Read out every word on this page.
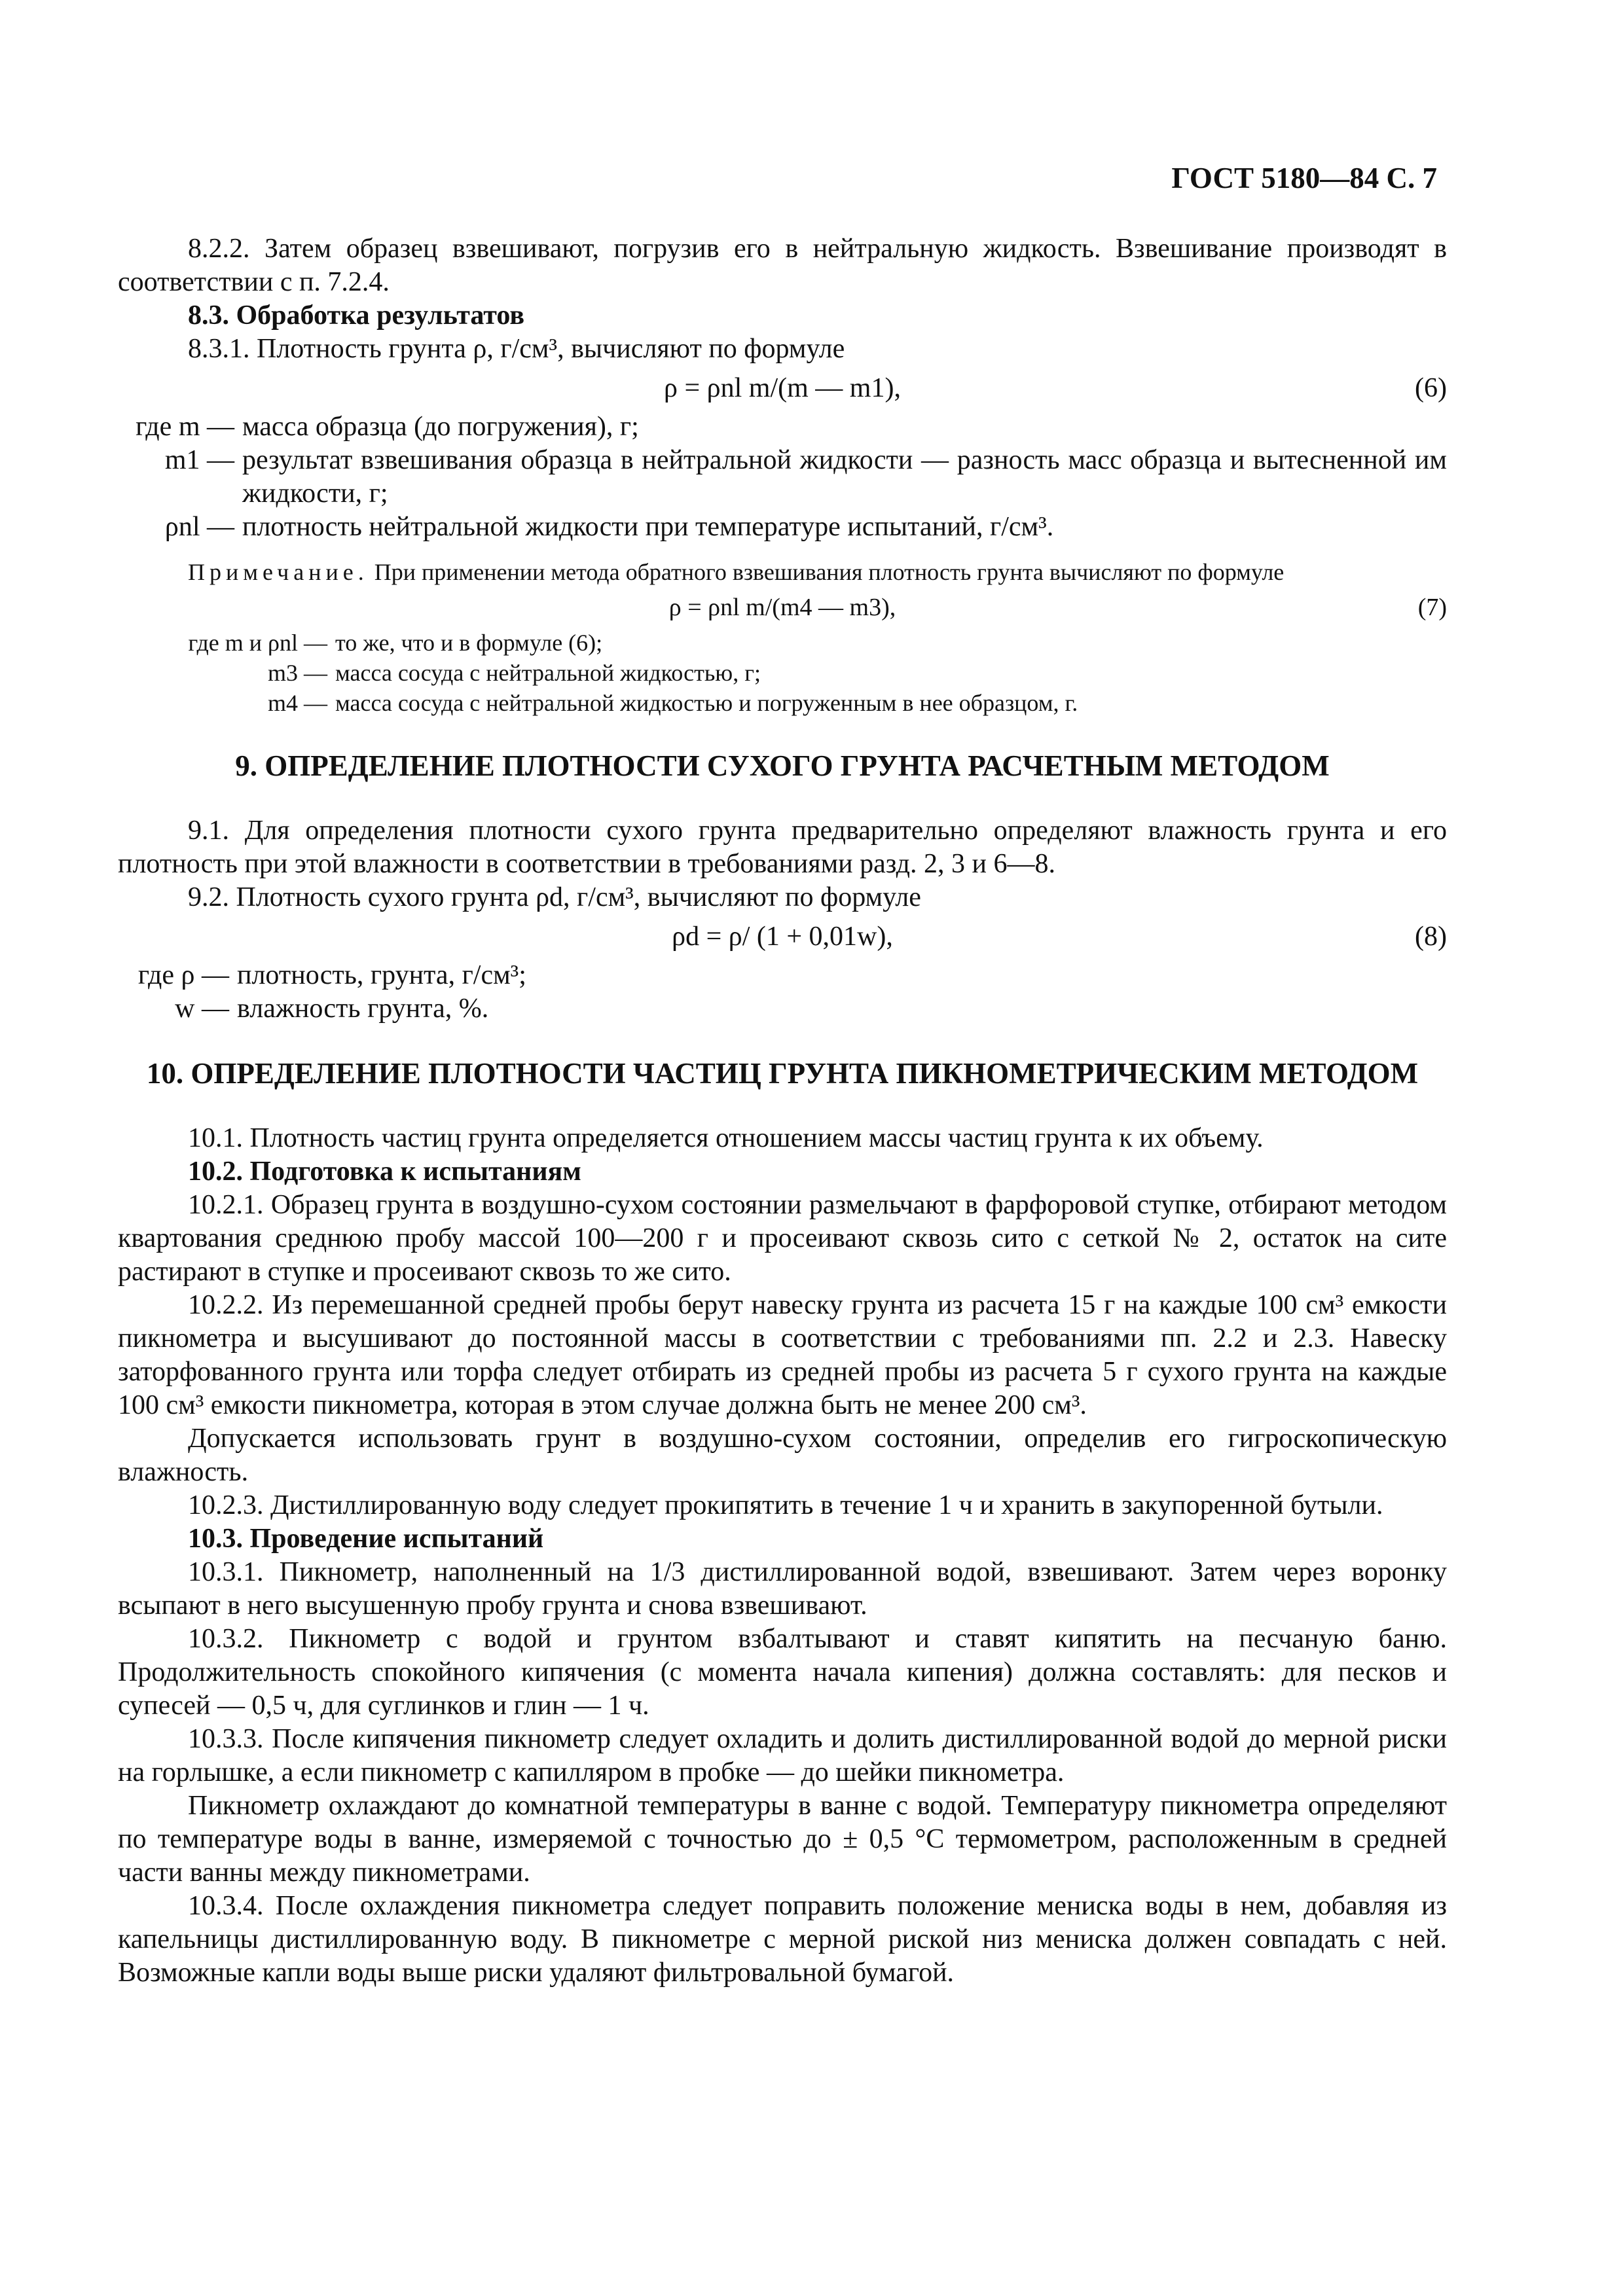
ГОСТ 5180—84 С. 7

8.2.2. Затем образец взвешивают, погрузив его в нейтральную жидкость. Взвешивание производят в соответствии с п. 7.2.4.

8.3. Обработка результатов

8.3.1. Плотность грунта ρ, г/см³, вычисляют по формуле

ρ = ρnl m/(m — m1),	(6)
где m — масса образца (до погружения), г;
m1 — результат взвешивания образца в нейтральной жидкости — разность масс образца и вытесненной им жидкости, г;
ρnl — плотность нейтральной жидкости при температуре испытаний, г/см³.

Примечание. При применении метода обратного взвешивания плотность грунта вычисляют по формуле

ρ = ρnl m/(m4 — m3),	(7)
где m и ρnl — то же, что и в формуле (6);
m3 — масса сосуда с нейтральной жидкостью, г;
m4 — масса сосуда с нейтральной жидкостью и погруженным в нее образцом, г.
9. ОПРЕДЕЛЕНИЕ ПЛОТНОСТИ СУХОГО ГРУНТА РАСЧЕТНЫМ МЕТОДОМ

9.1. Для определения плотности сухого грунта предварительно определяют влажность грунта и его плотность при этой влажности в соответствии в требованиями разд. 2, 3 и 6—8.

9.2. Плотность сухого грунта ρd, г/см³, вычисляют по формуле

ρd = ρ/ (1 + 0,01w),	(8)
где ρ — плотность, грунта, г/см³;
w — влажность грунта, %.
10. ОПРЕДЕЛЕНИЕ ПЛОТНОСТИ ЧАСТИЦ ГРУНТА ПИКНОМЕТРИЧЕСКИМ МЕТОДОМ

10.1. Плотность частиц грунта определяется отношением массы частиц грунта к их объему.

10.2. Подготовка к испытаниям

10.2.1. Образец грунта в воздушно-сухом состоянии размельчают в фарфоровой ступке, отбирают методом квартования среднюю пробу массой 100—200 г и просеивают сквозь сито с сеткой № 2, остаток на сите растирают в ступке и просеивают сквозь то же сито.

10.2.2. Из перемешанной средней пробы берут навеску грунта из расчета 15 г на каждые 100 см³ емкости пикнометра и высушивают до постоянной массы в соответствии с требованиями пп. 2.2 и 2.3. Навеску заторфованного грунта или торфа следует отбирать из средней пробы из расчета 5 г сухого грунта на каждые 100 см³ емкости пикнометра, которая в этом случае должна быть не менее 200 см³.

Допускается использовать грунт в воздушно-сухом состоянии, определив его гигроскопическую влажность.

10.2.3. Дистиллированную воду следует прокипятить в течение 1 ч и хранить в закупоренной бутыли.

10.3. Проведение испытаний

10.3.1. Пикнометр, наполненный на 1/3 дистиллированной водой, взвешивают. Затем через воронку всыпают в него высушенную пробу грунта и снова взвешивают.

10.3.2. Пикнометр с водой и грунтом взбалтывают и ставят кипятить на песчаную баню. Продолжительность спокойного кипячения (с момента начала кипения) должна составлять: для песков и супесей — 0,5 ч, для суглинков и глин — 1 ч.

10.3.3. После кипячения пикнометр следует охладить и долить дистиллированной водой до мерной риски на горлышке, а если пикнометр с капилляром в пробке — до шейки пикнометра.

Пикнометр охлаждают до комнатной температуры в ванне с водой. Температуру пикнометра определяют по температуре воды в ванне, измеряемой с точностью до ± 0,5 °С термометром, расположенным в средней части ванны между пикнометрами.

10.3.4. После охлаждения пикнометра следует поправить положение мениска воды в нем, добавляя из капельницы дистиллированную воду. В пикнометре с мерной риской низ мениска должен совпадать с ней. Возможные капли воды выше риски удаляют фильтровальной бумагой.
